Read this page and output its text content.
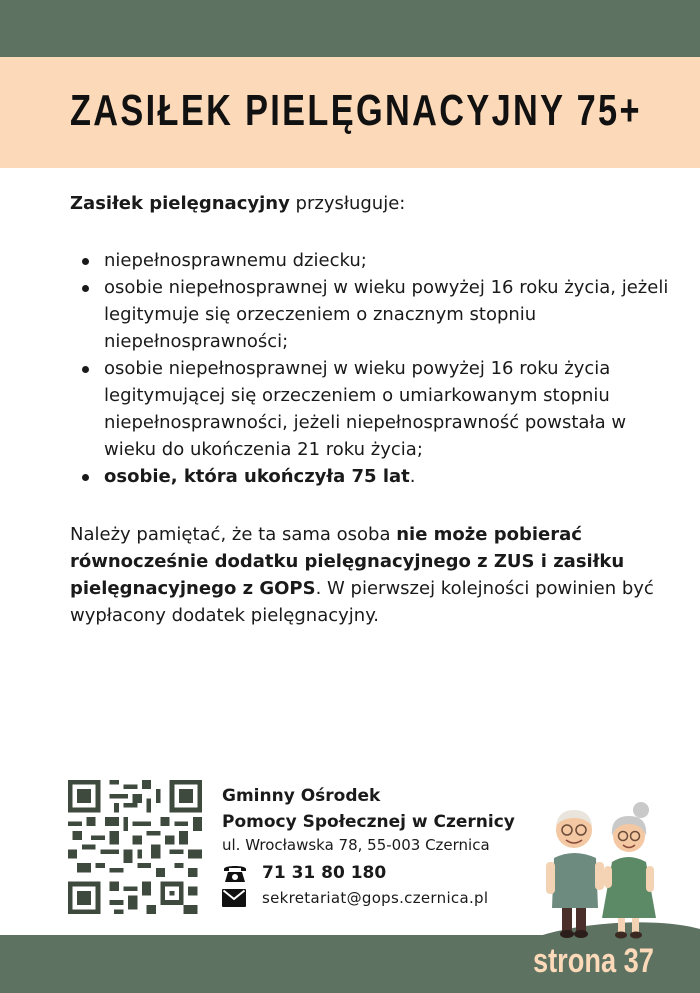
ZASIŁEK PIELĘGNACYJNY 75+

Zasiłek pielęgnacyjny przysługuje:

niepełnosprawnemu dziecku;
osobie niepełnosprawnej w wieku powyżej 16 roku życia, jeżeli legitymuje się orzeczeniem o znacznym stopniu niepełnosprawności;
osobie niepełnosprawnej w wieku powyżej 16 roku życia legitymującej się orzeczeniem o umiarkowanym stopniu niepełnosprawności, jeżeli niepełnosprawność powstała w wieku do ukończenia 21 roku życia;
osobie, która ukończyła 75 lat.

Należy pamiętać, że ta sama osoba nie może pobierać równocześnie dodatku pielęgnacyjnego z ZUS i zasiłku pielęgnacyjnego z GOPS. W pierwszej kolejności powinien być wypłacony dodatek pielęgnacyjny.

Gminny Ośrodek
Pomocy Społecznej w Czernicy
ul. Wrocławska 78, 55-003 Czernica
71 31 80 180
sekretariat@gops.czernica.pl
strona 37
